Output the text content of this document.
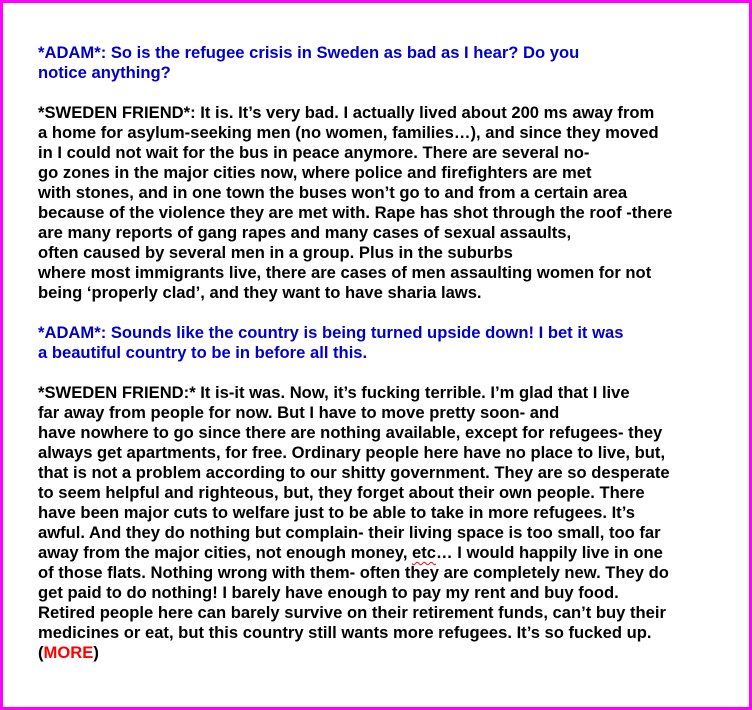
*ADAM*: So is the refugee crisis in Sweden as bad as I hear? Do you
notice anything?

*SWEDEN FRIEND*: It is. It’s very bad. I actually lived about 200 ms away from
a home for asylum-seeking men (no women, families…), and since they moved
in I could not wait for the bus in peace anymore. There are several no-
go zones in the major cities now, where police and firefighters are met
with stones, and in one town the buses won’t go to and from a certain area
because of the violence they are met with. Rape has shot through the roof -there
are many reports of gang rapes and many cases of sexual assaults,
often caused by several men in a group. Plus in the suburbs
where most immigrants live, there are cases of men assaulting women for not
being ‘properly clad’, and they want to have sharia laws.

*ADAM*: Sounds like the country is being turned upside down! I bet it was
a beautiful country to be in before all this.

*SWEDEN FRIEND:* It is-it was. Now, it’s fucking terrible. I’m glad that I live
far away from people for now. But I have to move pretty soon- and
have nowhere to go since there are nothing available, except for refugees- they
always get apartments, for free. Ordinary people here have no place to live, but,
that is not a problem according to our shitty government. They are so desperate
to seem helpful and righteous, but, they forget about their own people. There
have been major cuts to welfare just to be able to take in more refugees. It’s
awful. And they do nothing but complain- their living space is too small, too far
away from the major cities, not enough money, etc… I would happily live in one
of those flats. Nothing wrong with them- often they are completely new. They do
get paid to do nothing! I barely have enough to pay my rent and buy food.
Retired people here can barely survive on their retirement funds, can’t buy their
medicines or eat, but this country still wants more refugees. It’s so fucked up.
(MORE)
